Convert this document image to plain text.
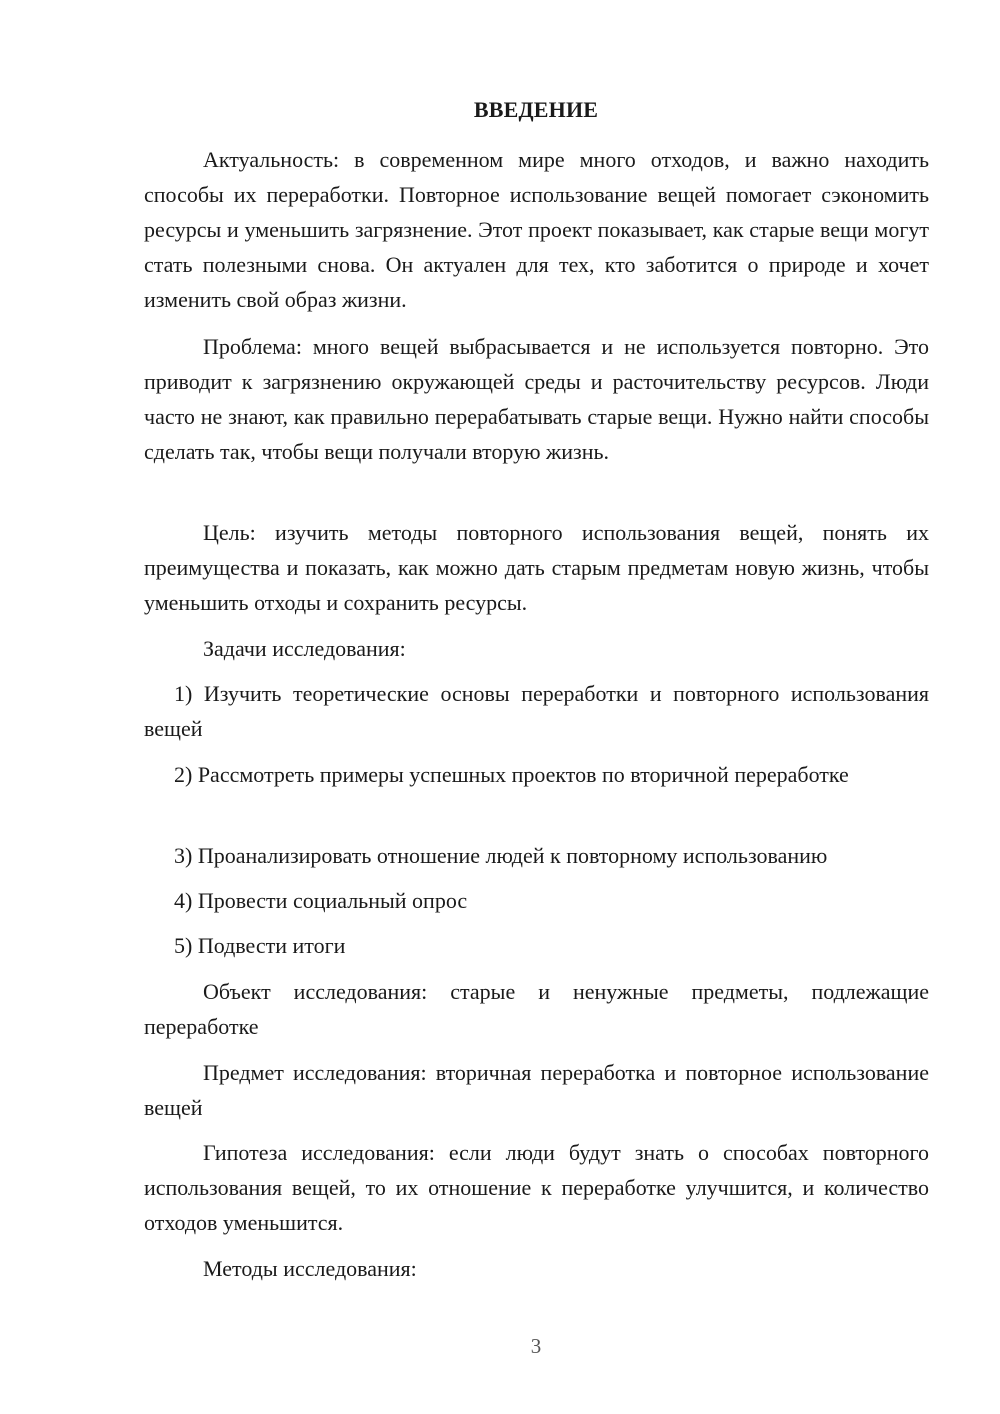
ВВЕДЕНИЕ

Актуальность: в современном мире много отходов, и важно находить способы их переработки. Повторное использование вещей помогает сэкономить ресурсы и уменьшить загрязнение. Этот проект показывает, как старые вещи могут стать полезными снова. Он актуален для тех, кто заботится о природе и хочет изменить свой образ жизни.

Проблема: много вещей выбрасывается и не используется повторно. Это приводит к загрязнению окружающей среды и расточительству ресурсов. Люди часто не знают, как правильно перерабатывать старые вещи. Нужно найти способы сделать так, чтобы вещи получали вторую жизнь.

Цель: изучить методы повторного использования вещей, понять их преимущества и показать, как можно дать старым предметам новую жизнь, чтобы уменьшить отходы и сохранить ресурсы.

Задачи исследования:

1) Изучить теоретические основы переработки и повторного использования вещей

2) Рассмотреть примеры успешных проектов по вторичной переработке

3) Проанализировать отношение людей к повторному использованию

4) Провести социальный опрос

5) Подвести итоги

Объект исследования: старые и ненужные предметы, подлежащие переработке

Предмет исследования: вторичная переработка и повторное использование вещей

Гипотеза исследования: если люди будут знать о способах повторного использования вещей, то их отношение к переработке улучшится, и количество отходов уменьшится.

Методы исследования:

3
